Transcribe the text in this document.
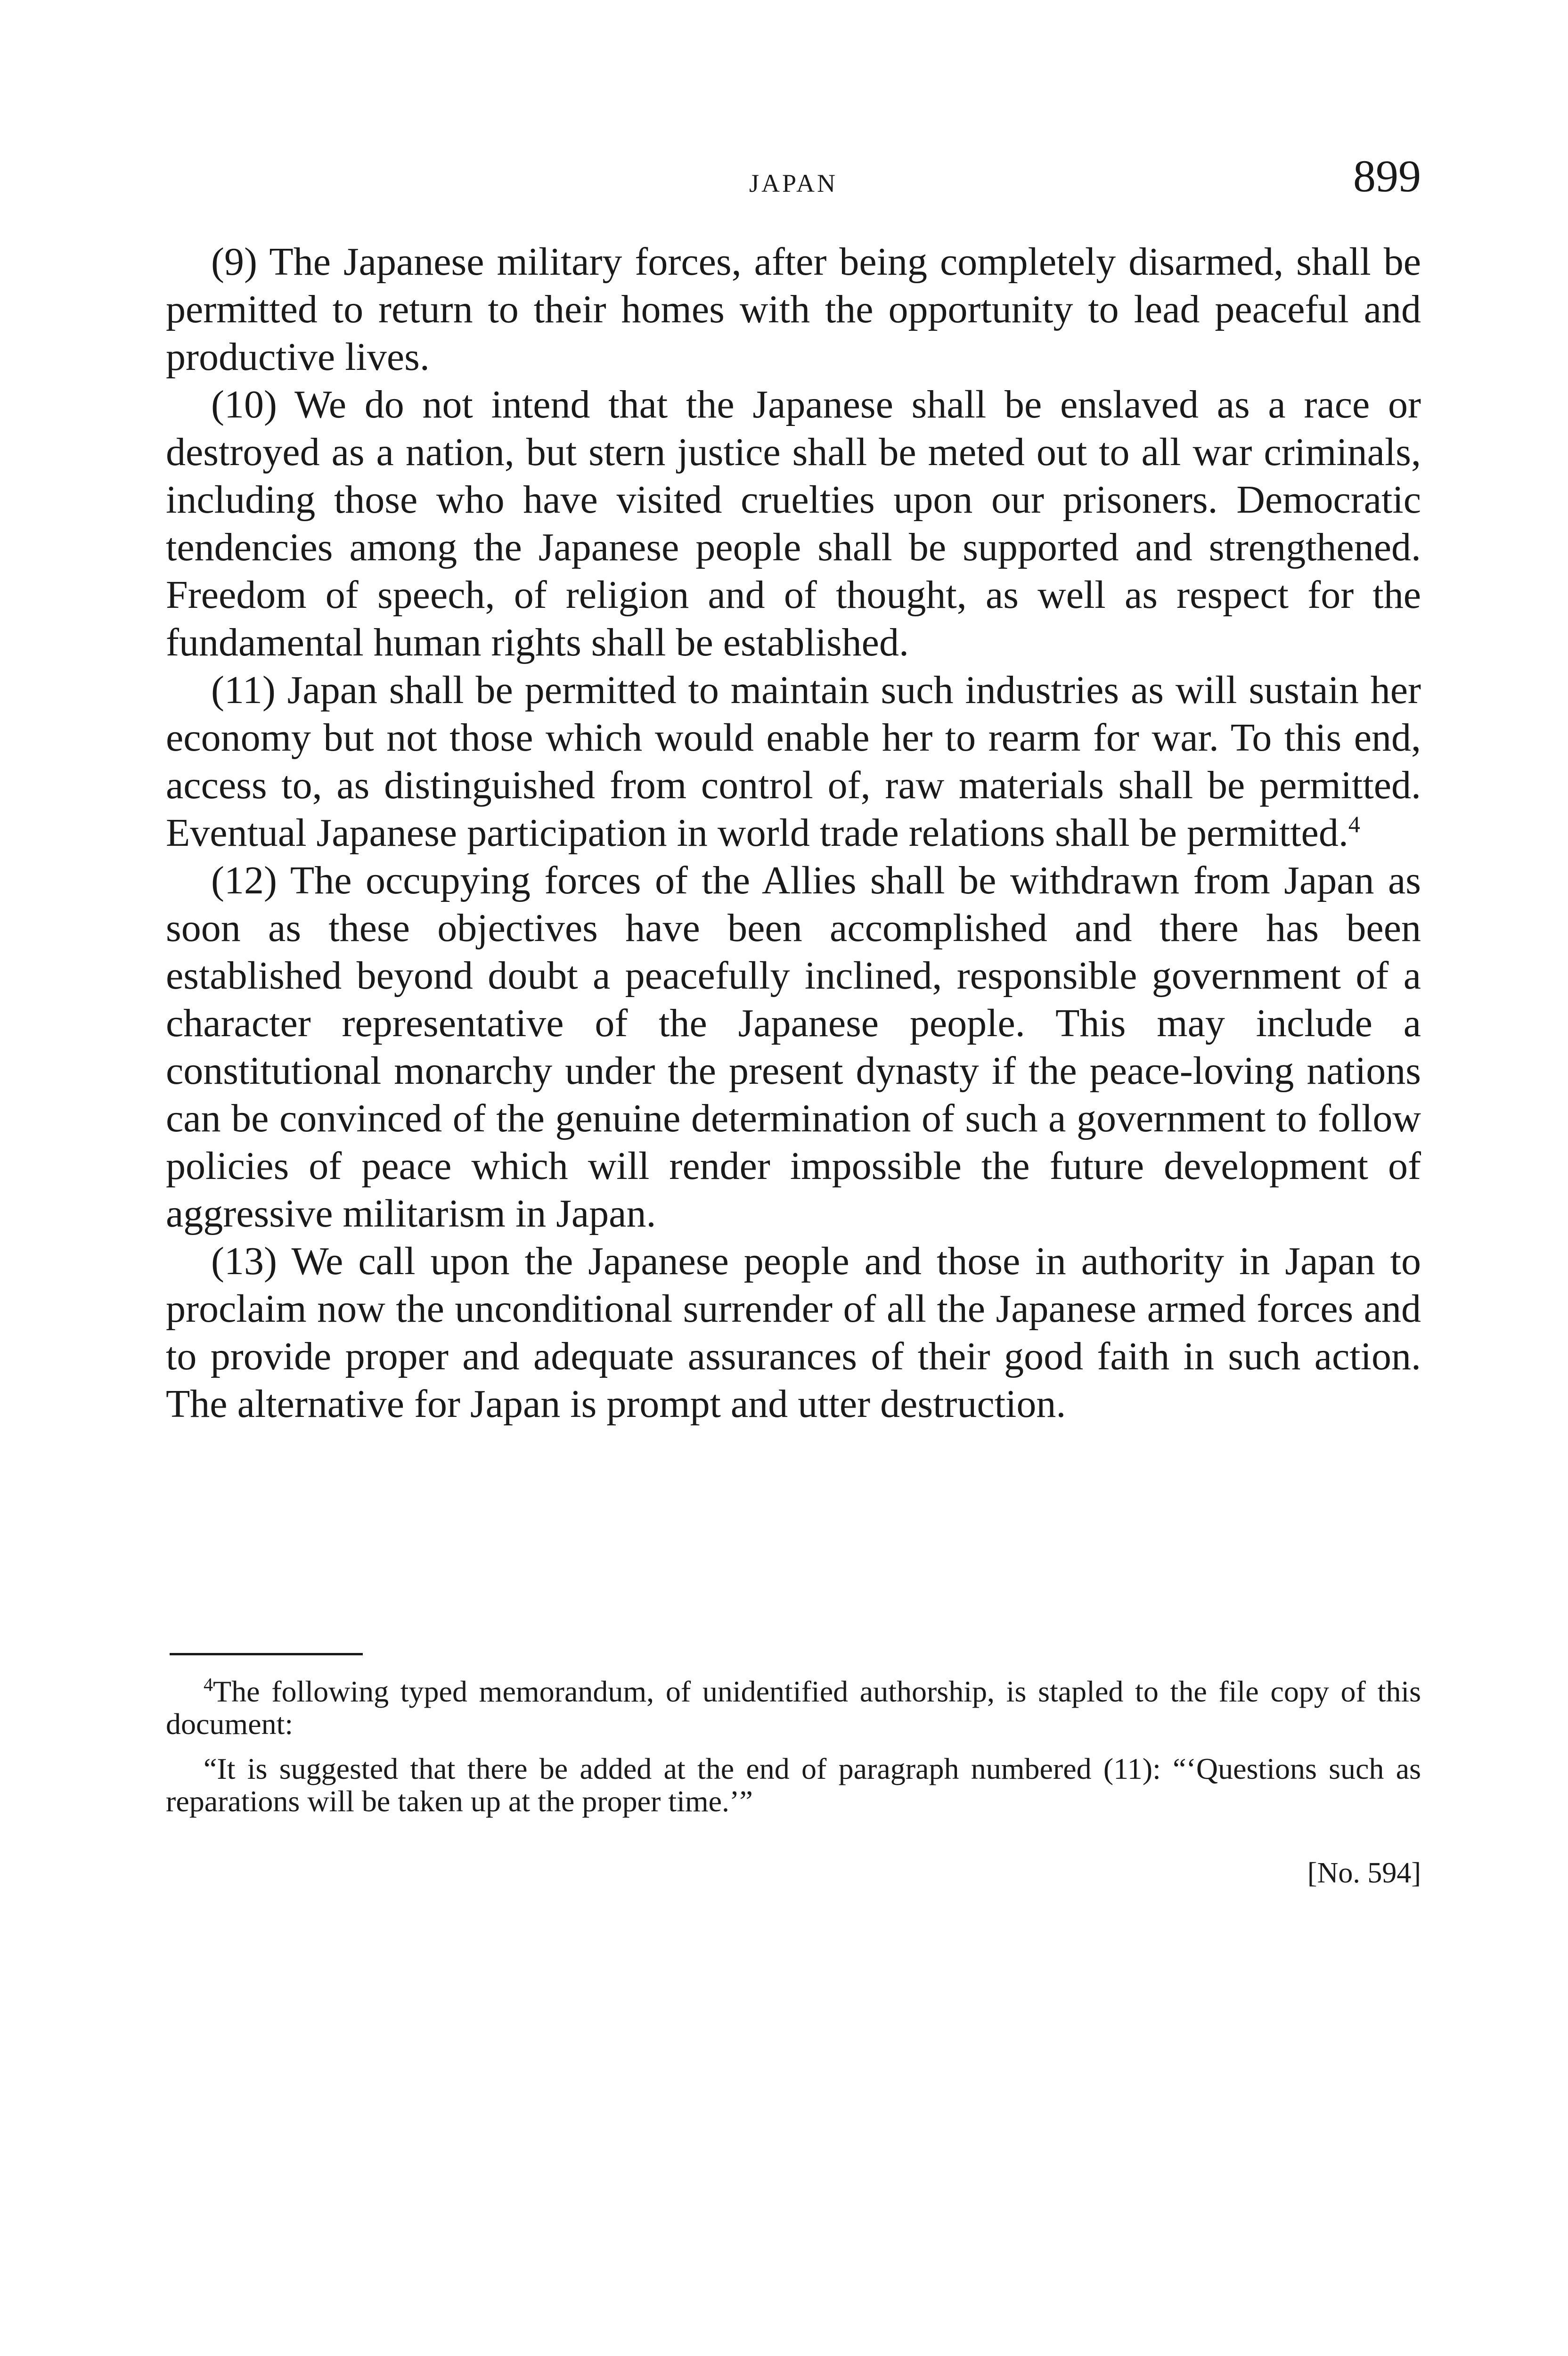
JAPAN	899

(9) The Japanese military forces, after being completely disarmed, shall be permitted to return to their homes with the opportunity to lead peaceful and productive lives.

(10) We do not intend that the Japanese shall be enslaved as a race or destroyed as a nation, but stern justice shall be meted out to all war criminals, including those who have visited cruelties upon our prisoners. Democratic tendencies among the Japanese people shall be supported and strengthened. Freedom of speech, of religion and of thought, as well as respect for the fundamental human rights shall be established.

(11) Japan shall be permitted to maintain such industries as will sustain her economy but not those which would enable her to rearm for war. To this end, access to, as distinguished from control of, raw materials shall be permitted. Eventual Japanese participation in world trade relations shall be permitted.$^4$

(12) The occupying forces of the Allies shall be withdrawn from Japan as soon as these objectives have been accomplished and there has been established beyond doubt a peacefully inclined, responsible government of a character representative of the Japanese people. This may include a constitutional monarchy under the present dynasty if the peace-loving nations can be convinced of the genuine determination of such a government to follow policies of peace which will render impossible the future development of aggressive militarism in Japan.

(13) We call upon the Japanese people and those in authority in Japan to proclaim now the unconditional surrender of all the Japanese armed forces and to provide proper and adequate assurances of their good faith in such action. The alternative for Japan is prompt and utter destruction.

$^4$The following typed memorandum, of unidentified authorship, is stapled to the file copy of this document:

“It is suggested that there be added at the end of paragraph numbered (11): “‘Questions such as reparations will be taken up at the proper time.’”

[No. 594]
